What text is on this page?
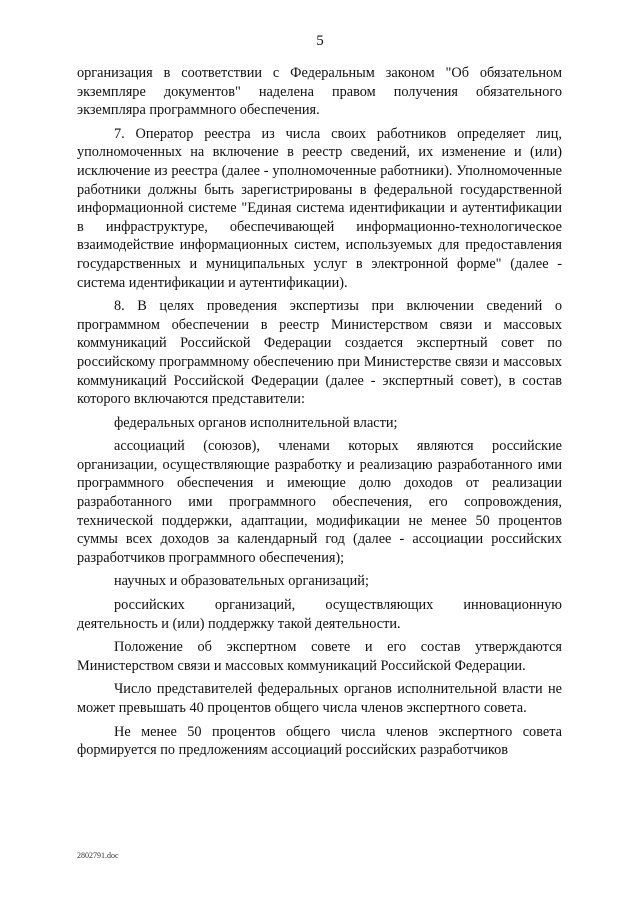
5

организация в соответствии с Федеральным законом "Об обязательном экземпляре документов" наделена правом получения обязательного экземпляра программного обеспечения.

7. Оператор реестра из числа своих работников определяет лиц, уполномоченных на включение в реестр сведений, их изменение и (или) исключение из реестра (далее - уполномоченные работники). Уполномоченные работники должны быть зарегистрированы в федеральной государственной информационной системе "Единая система идентификации и аутентификации в инфраструктуре, обеспечивающей информационно-технологическое взаимодействие информационных систем, используемых для предоставления государственных и муниципальных услуг в электронной форме" (далее - система идентификации и аутентификации).

8. В целях проведения экспертизы при включении сведений о программном обеспечении в реестр Министерством связи и массовых коммуникаций Российской Федерации создается экспертный совет по российскому программному обеспечению при Министерстве связи и массовых коммуникаций Российской Федерации (далее - экспертный совет), в состав которого включаются представители:

федеральных органов исполнительной власти;

ассоциаций (союзов), членами которых являются российские организации, осуществляющие разработку и реализацию разработанного ими программного обеспечения и имеющие долю доходов от реализации разработанного ими программного обеспечения, его сопровождения, технической поддержки, адаптации, модификации не менее 50 процентов суммы всех доходов за календарный год (далее - ассоциации российских разработчиков программного обеспечения);

научных и образовательных организаций;

российских организаций, осуществляющих инновационную деятельность и (или) поддержку такой деятельности.

Положение об экспертном совете и его состав утверждаются Министерством связи и массовых коммуникаций Российской Федерации.

Число представителей федеральных органов исполнительной власти не может превышать 40 процентов общего числа членов экспертного совета.

Не менее 50 процентов общего числа членов экспертного совета формируется по предложениям ассоциаций российских разработчиков

2802791.doc
